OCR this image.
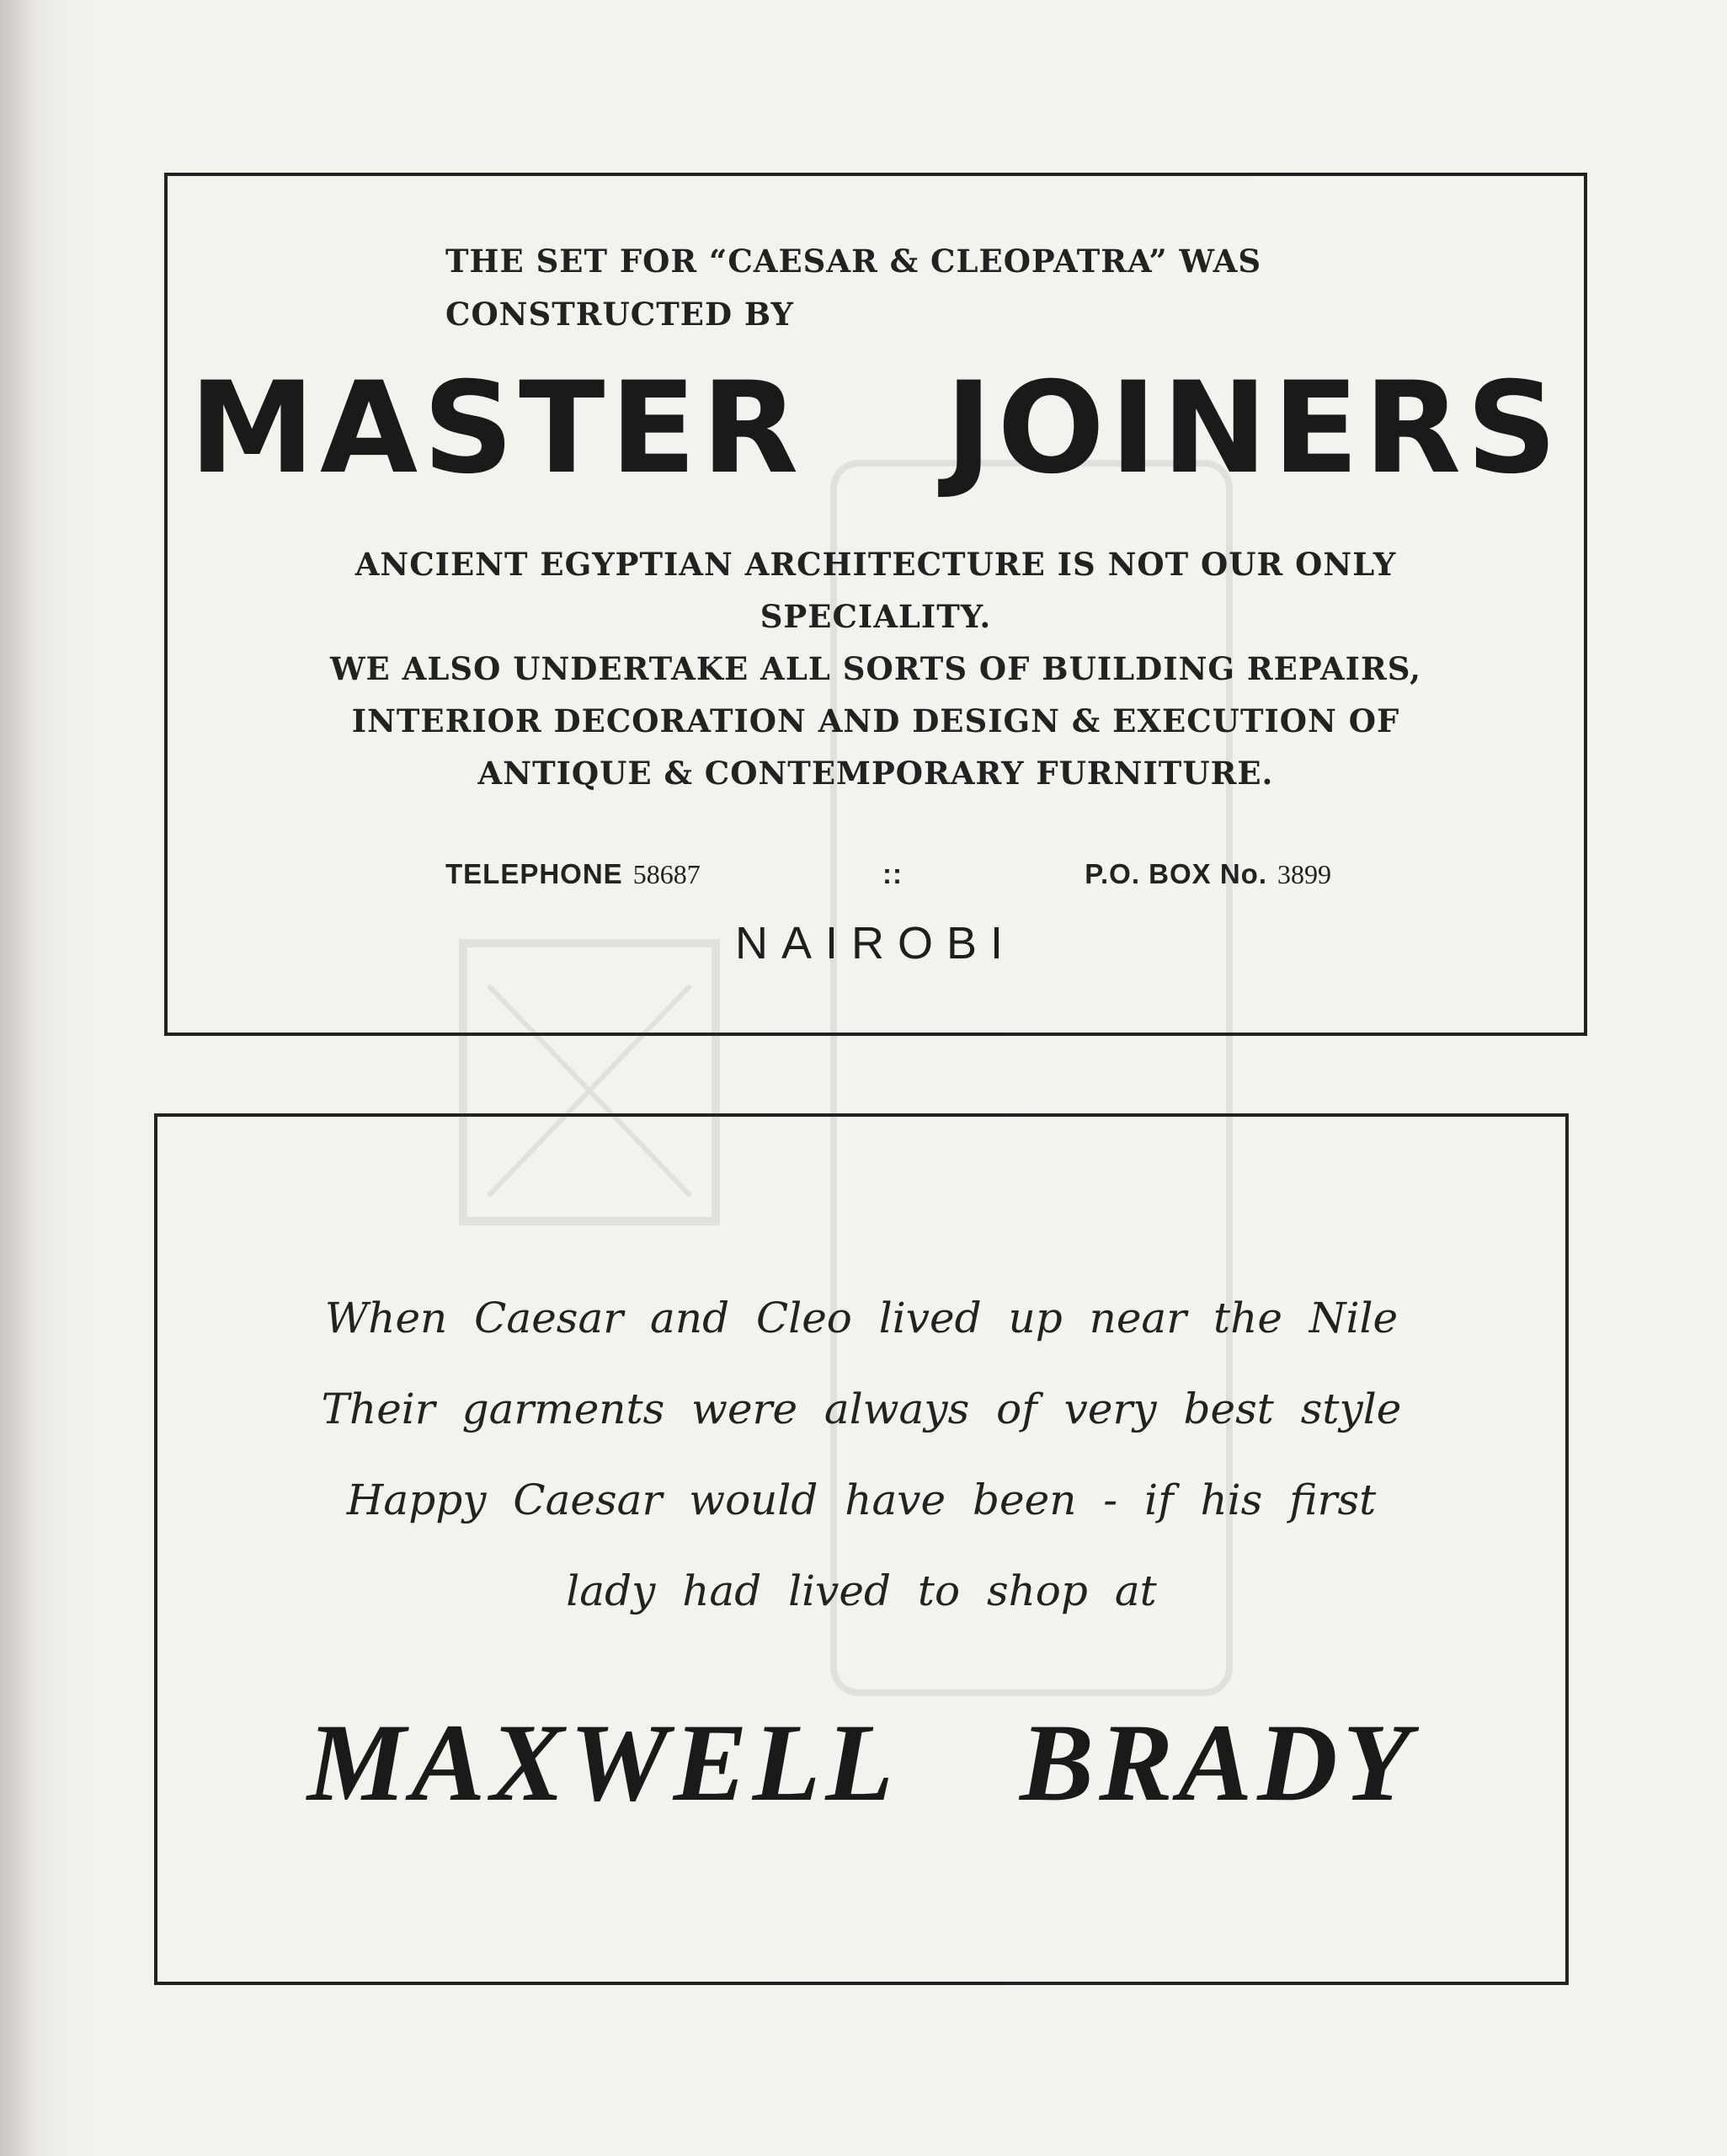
THE SET FOR “CAESAR & CLEOPATRA” WAS
CONSTRUCTED BY
MASTER JOINERS
ANCIENT EGYPTIAN ARCHITECTURE IS NOT OUR ONLY
SPECIALITY.
WE ALSO UNDERTAKE ALL SORTS OF BUILDING REPAIRS,
INTERIOR DECORATION AND DESIGN & EXECUTION OF
ANTIQUE & CONTEMPORARY FURNITURE.
TELEPHONE 58687	::	P.O. BOX No. 3899
NAIROBI
When Caesar and Cleo lived up near the Nile
Their garments were always of very best style
Happy Caesar would have been - if his first
lady had lived to shop at
MAXWELL BRADY
